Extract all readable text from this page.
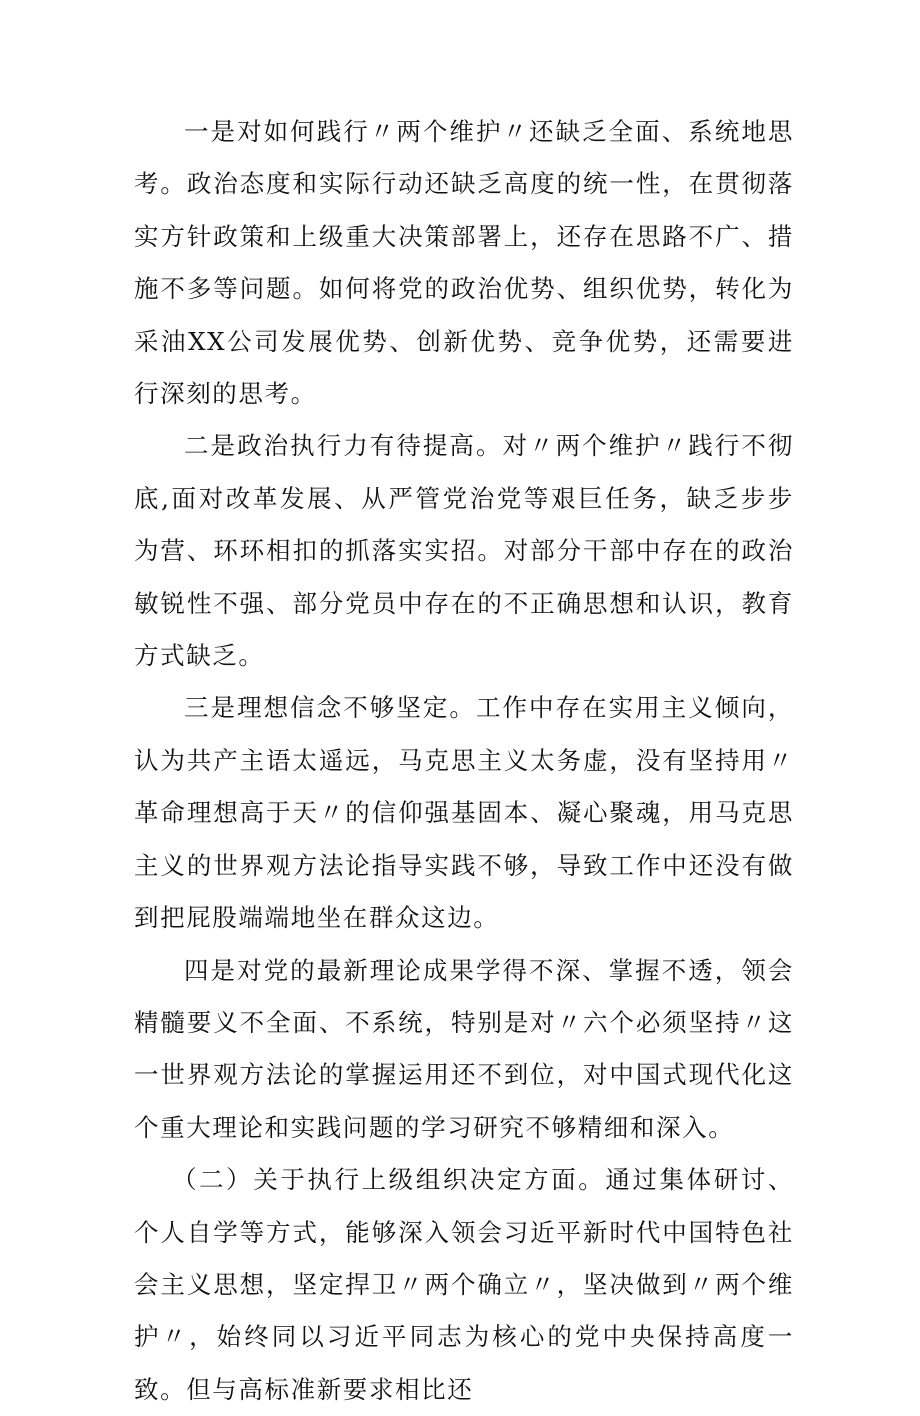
一是对如何践行〃两个维护〃还缺乏全面、系统地思考。政治态度和实际行动还缺乏高度的统一性，在贯彻落实方针政策和上级重大决策部署上，还存在思路不广、措施不多等问题。如何将党的政治优势、组织优势，转化为采油XX公司发展优势、创新优势、竞争优势，还需要进行深刻的思考。

二是政治执行力有待提高。对〃两个维护〃践行不彻底,面对改革发展、从严管党治党等艰巨任务，缺乏步步为营、环环相扣的抓落实实招。对部分干部中存在的政治敏锐性不强、部分党员中存在的不正确思想和认识，教育方式缺乏。

三是理想信念不够坚定。工作中存在实用主义倾向，认为共产主语太遥远，马克思主义太务虚，没有坚持用〃革命理想高于天〃的信仰强基固本、凝心聚魂，用马克思主义的世界观方法论指导实践不够，导致工作中还没有做到把屁股端端地坐在群众这边。

四是对党的最新理论成果学得不深、掌握不透，领会精髓要义不全面、不系统，特别是对〃六个必须坚持〃这一世界观方法论的掌握运用还不到位，对中国式现代化这个重大理论和实践问题的学习研究不够精细和深入。

（二）关于执行上级组织决定方面。通过集体研讨、个人自学等方式，能够深入领会习近平新时代中国特色社会主义思想，坚定捍卫〃两个确立〃，坚决做到〃两个维护〃，始终同以习近平同志为核心的党中央保持高度一致。但与高标准新要求相比还
